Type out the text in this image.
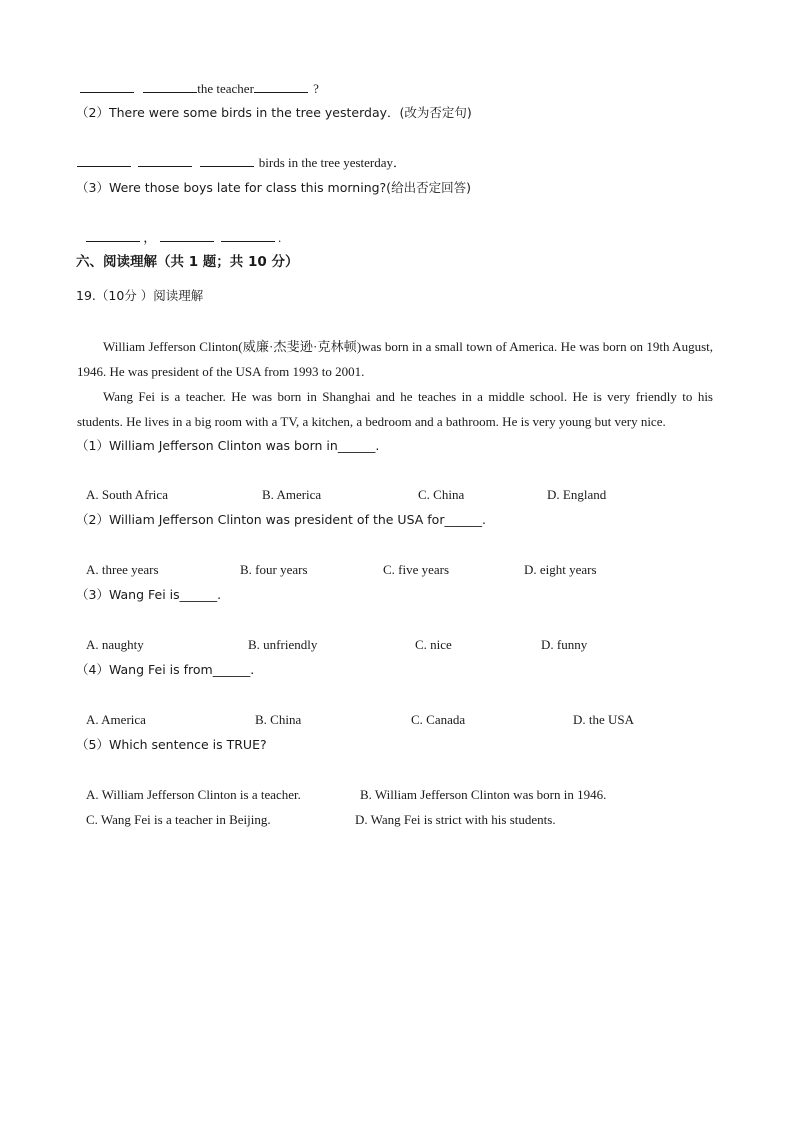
the teacher	?
（2）There were some birds in the tree yesterday．(改为否定句)
birds in the tree yesterday．
（3）Were those boys late for class this morning?(给出否定回答)
，	.
六、阅读理解（共 1 题；共 10 分）
19.（10分 ）阅读理解
William Jefferson Clinton(威廉·杰斐逊·克林顿)was born in a small town of America. He was born on 19th August, 1946. He was president of the USA from 1993 to 2001.
Wang Fei is a teacher. He was born in Shanghai and he teaches in a middle school. He is very friendly to his students. He lives in a big room with a TV, a kitchen, a bedroom and a bathroom. He is very young but very nice.
（1）William Jefferson Clinton was born in______.
A. South Africa	B. America	C. China	D. England
（2）William Jefferson Clinton was president of the USA for______.
A. three years	B. four years	C. five years	D. eight years
（3）Wang Fei is______.
A. naughty	B. unfriendly	C. nice	D. funny
（4）Wang Fei is from______.
A. America	B. China	C. Canada	D. the USA
（5）Which sentence is TRUE?
A. William Jefferson Clinton is a teacher.	B. William Jefferson Clinton was born in 1946.
C. Wang Fei is a teacher in Beijing.	D. Wang Fei is strict with his students.
